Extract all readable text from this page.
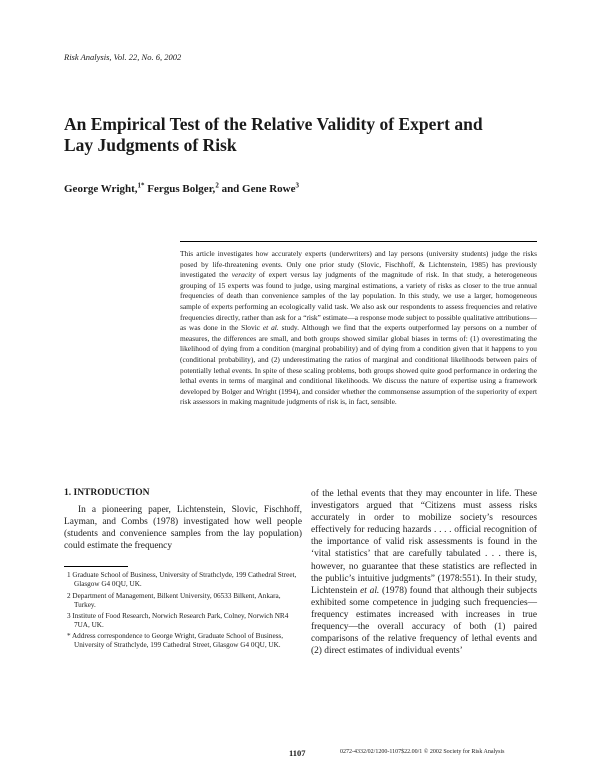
Risk Analysis, Vol. 22, No. 6, 2002
An Empirical Test of the Relative Validity of Expert and Lay Judgments of Risk
George Wright,$^{1*}$ Fergus Bolger,$^2$ and Gene Rowe$^3$

This article investigates how accurately experts (underwriters) and lay persons (university students) judge the risks posed by life-threatening events. Only one prior study (Slovic, Fischhoff, & Lichtenstein, 1985) has previously investigated the veracity of expert versus lay judgments of the magnitude of risk. In that study, a heterogeneous grouping of 15 experts was found to judge, using marginal estimations, a variety of risks as closer to the true annual frequencies of death than convenience samples of the lay population. In this study, we use a larger, homogeneous sample of experts performing an ecologically valid task. We also ask our respondents to assess frequencies and relative frequencies directly, rather than ask for a “risk” estimate—a response mode subject to possible qualitative attributions—as was done in the Slovic et al. study. Although we find that the experts outperformed lay persons on a number of measures, the differences are small, and both groups showed similar global biases in terms of: (1) overestimating the likelihood of dying from a condition (marginal probability) and of dying from a condition given that it happens to you (conditional probability), and (2) underestimating the ratios of marginal and conditional likelihoods between pairs of potentially lethal events. In spite of these scaling problems, both groups showed quite good performance in ordering the lethal events in terms of marginal and conditional likelihoods. We discuss the nature of expertise using a framework developed by Bolger and Wright (1994), and consider whether the commonsense assumption of the superiority of expert risk assessors in making magnitude judgments of risk is, in fact, sensible.

1. INTRODUCTION

In a pioneering paper, Lichtenstein, Slovic, Fischhoff, Layman, and Combs (1978) investigated how well people (students and convenience samples from the lay population) could estimate the frequency

1 Graduate School of Business, University of Strathclyde, 199 Cathedral Street, Glasgow G4 0QU, UK.

2 Department of Management, Bilkent University, 06533 Bilkent, Ankara, Turkey.

3 Institute of Food Research, Norwich Research Park, Colney, Norwich NR4 7UA, UK.

* Address correspondence to George Wright, Graduate School of Business, University of Strathclyde, 199 Cathedral Street, Glasgow G4 0QU, UK.

of the lethal events that they may encounter in life. These investigators argued that “Citizens must assess risks accurately in order to mobilize society’s resources effectively for reducing hazards . . . . official recognition of the importance of valid risk assessments is found in the ‘vital statistics’ that are carefully tabulated . . . there is, however, no guarantee that these statistics are reflected in the public’s intuitive judgments” (1978:551). In their study, Lichtenstein et al. (1978) found that although their subjects exhibited some competence in judging such frequencies—frequency estimates increased with increases in true frequency—the overall accuracy of both (1) paired comparisons of the relative frequency of lethal events and (2) direct estimates of individual events’

1107	0272-4332/02/1200-1107$22.00/1 © 2002 Society for Risk Analysis
